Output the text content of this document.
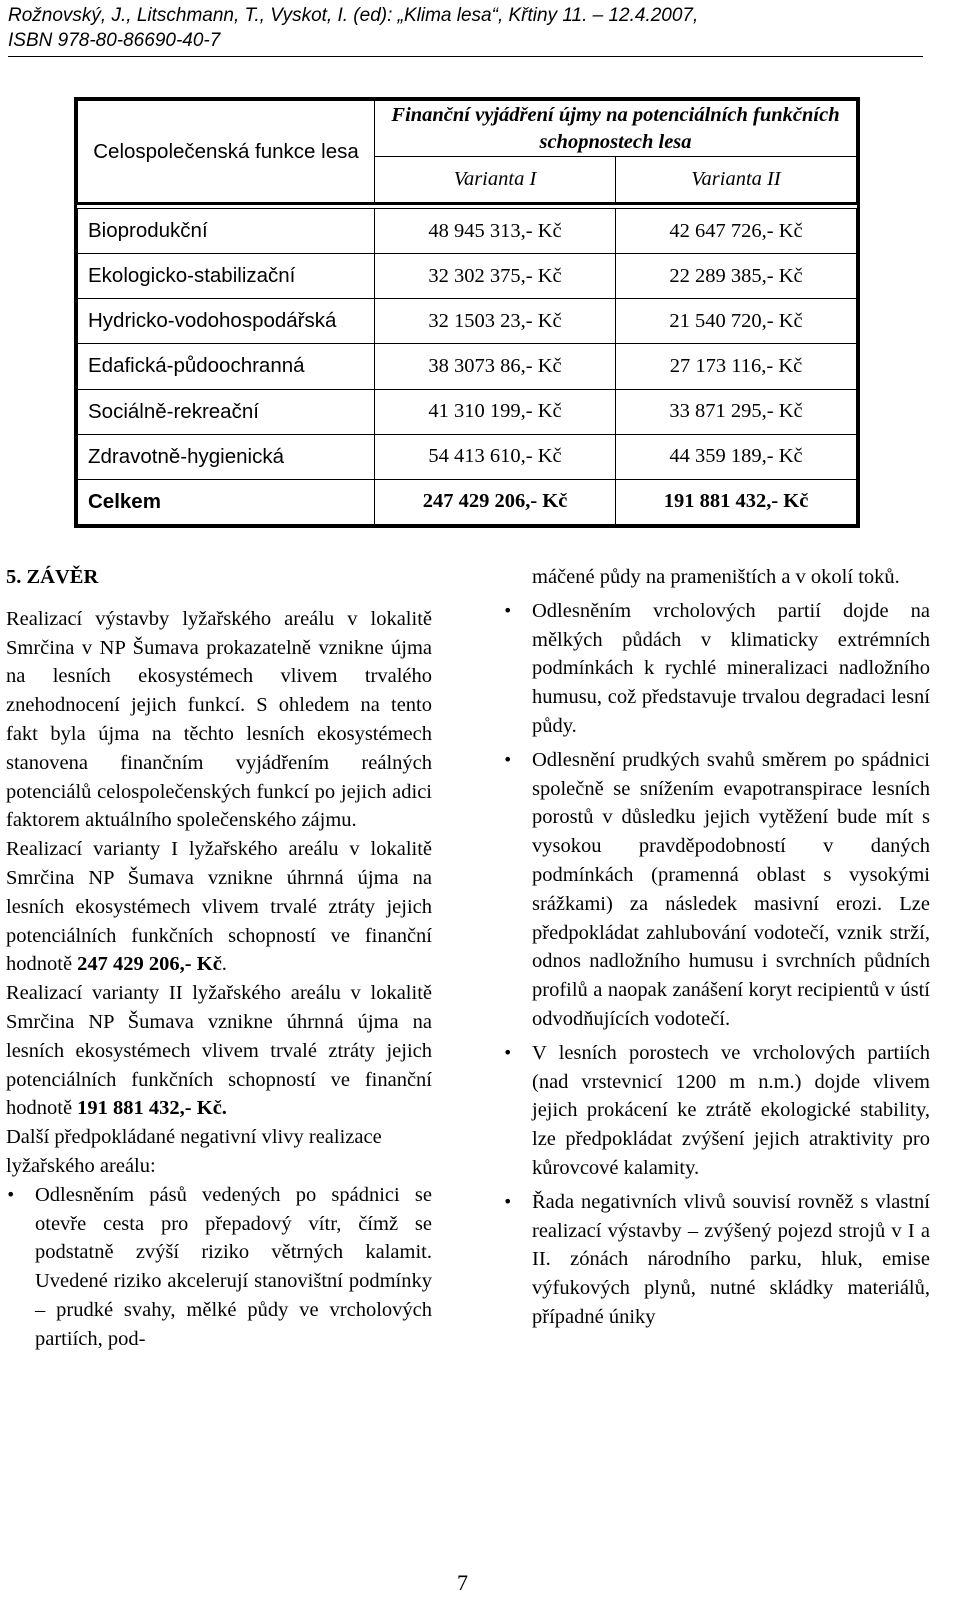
Rožnovský, J., Litschmann, T., Vyskot, I. (ed): „Klima lesa“, Křtiny 11. – 12.4.2007,
ISBN 978-80-86690-40-7
Celospolečenská funkce lesa	Finanční vyjádření újmy na potenciálních funkčních schopnostech lesa	
	Varianta I	Varianta II

Bioprodukční	48 945 313,- Kč	42 647 726,- Kč
Ekologicko-stabilizační	32 302 375,- Kč	22 289 385,- Kč
Hydricko-vodohospodářská	32 1503 23,- Kč	21 540 720,- Kč
Edafická-půdoochranná	38 3073 86,- Kč	27 173 116,- Kč
Sociálně-rekreační	41 310 199,- Kč	33 871 295,- Kč
Zdravotně-hygienická	54 413 610,- Kč	44 359 189,- Kč
Celkem	247 429 206,- Kč	191 881 432,- Kč
5. ZÁVĚR

Realizací výstavby lyžařského areálu v lokalitě Smrčina v NP Šumava prokazatelně vznikne újma na lesních ekosystémech vlivem trvalého znehodnocení jejich funkcí. S ohledem na tento fakt byla újma na těchto lesních ekosystémech stanovena finančním vyjádřením reálných potenciálů celospolečenských funkcí po jejich adici faktorem aktuálního společenského zájmu.

Realizací varianty I lyžařského areálu v lokalitě Smrčina NP Šumava vznikne úhrnná újma na lesních ekosystémech vlivem trvalé ztráty jejich potenciálních funkčních schopností ve finanční hodnotě 247 429 206,- Kč.

Realizací varianty II lyžařského areálu v lokalitě Smrčina NP Šumava vznikne úhrnná újma na lesních ekosystémech vlivem trvalé ztráty jejich potenciálních funkčních schopností ve finanční hodnotě 191 881 432,- Kč.

Další předpokládané negativní vlivy realizace lyžařského areálu:

• Odlesněním pásů vedených po spádnici se otevře cesta pro přepadový vítr, čímž se podstatně zvýší riziko větrných kalamit. Uvedené riziko akcelerují stanovištní podmínky – prudké svahy, mělké půdy ve vrcholových partiích, pod-
máčené půdy na prameništích a v okolí toků.
• Odlesněním vrcholových partií dojde na mělkých půdách v klimaticky extrémních podmínkách k rychlé mineralizaci nadložního humusu, což představuje trvalou degradaci lesní půdy.
• Odlesnění prudkých svahů směrem po spádnici společně se snížením evapotranspirace lesních porostů v důsledku jejich vytěžení bude mít s vysokou pravděpodobností v daných podmínkách (pramenná oblast s vysokými srážkami) za následek masivní erozi. Lze předpokládat zahlubování vodotečí, vznik strží, odnos nadložního humusu i svrchních půdních profilů a naopak zanášení koryt recipientů v ústí odvodňujících vodotečí.
• V lesních porostech ve vrcholových partiích (nad vrstevnicí 1200 m n.m.) dojde vlivem jejich prokácení ke ztrátě ekologické stability, lze předpokládat zvýšení jejich atraktivity pro kůrovcové kalamity.
• Řada negativních vlivů souvisí rovněž s vlastní realizací výstavby – zvýšený pojezd strojů v I a II. zónách národního parku, hluk, emise výfukových plynů, nutné skládky materiálů, případné úniky
7
